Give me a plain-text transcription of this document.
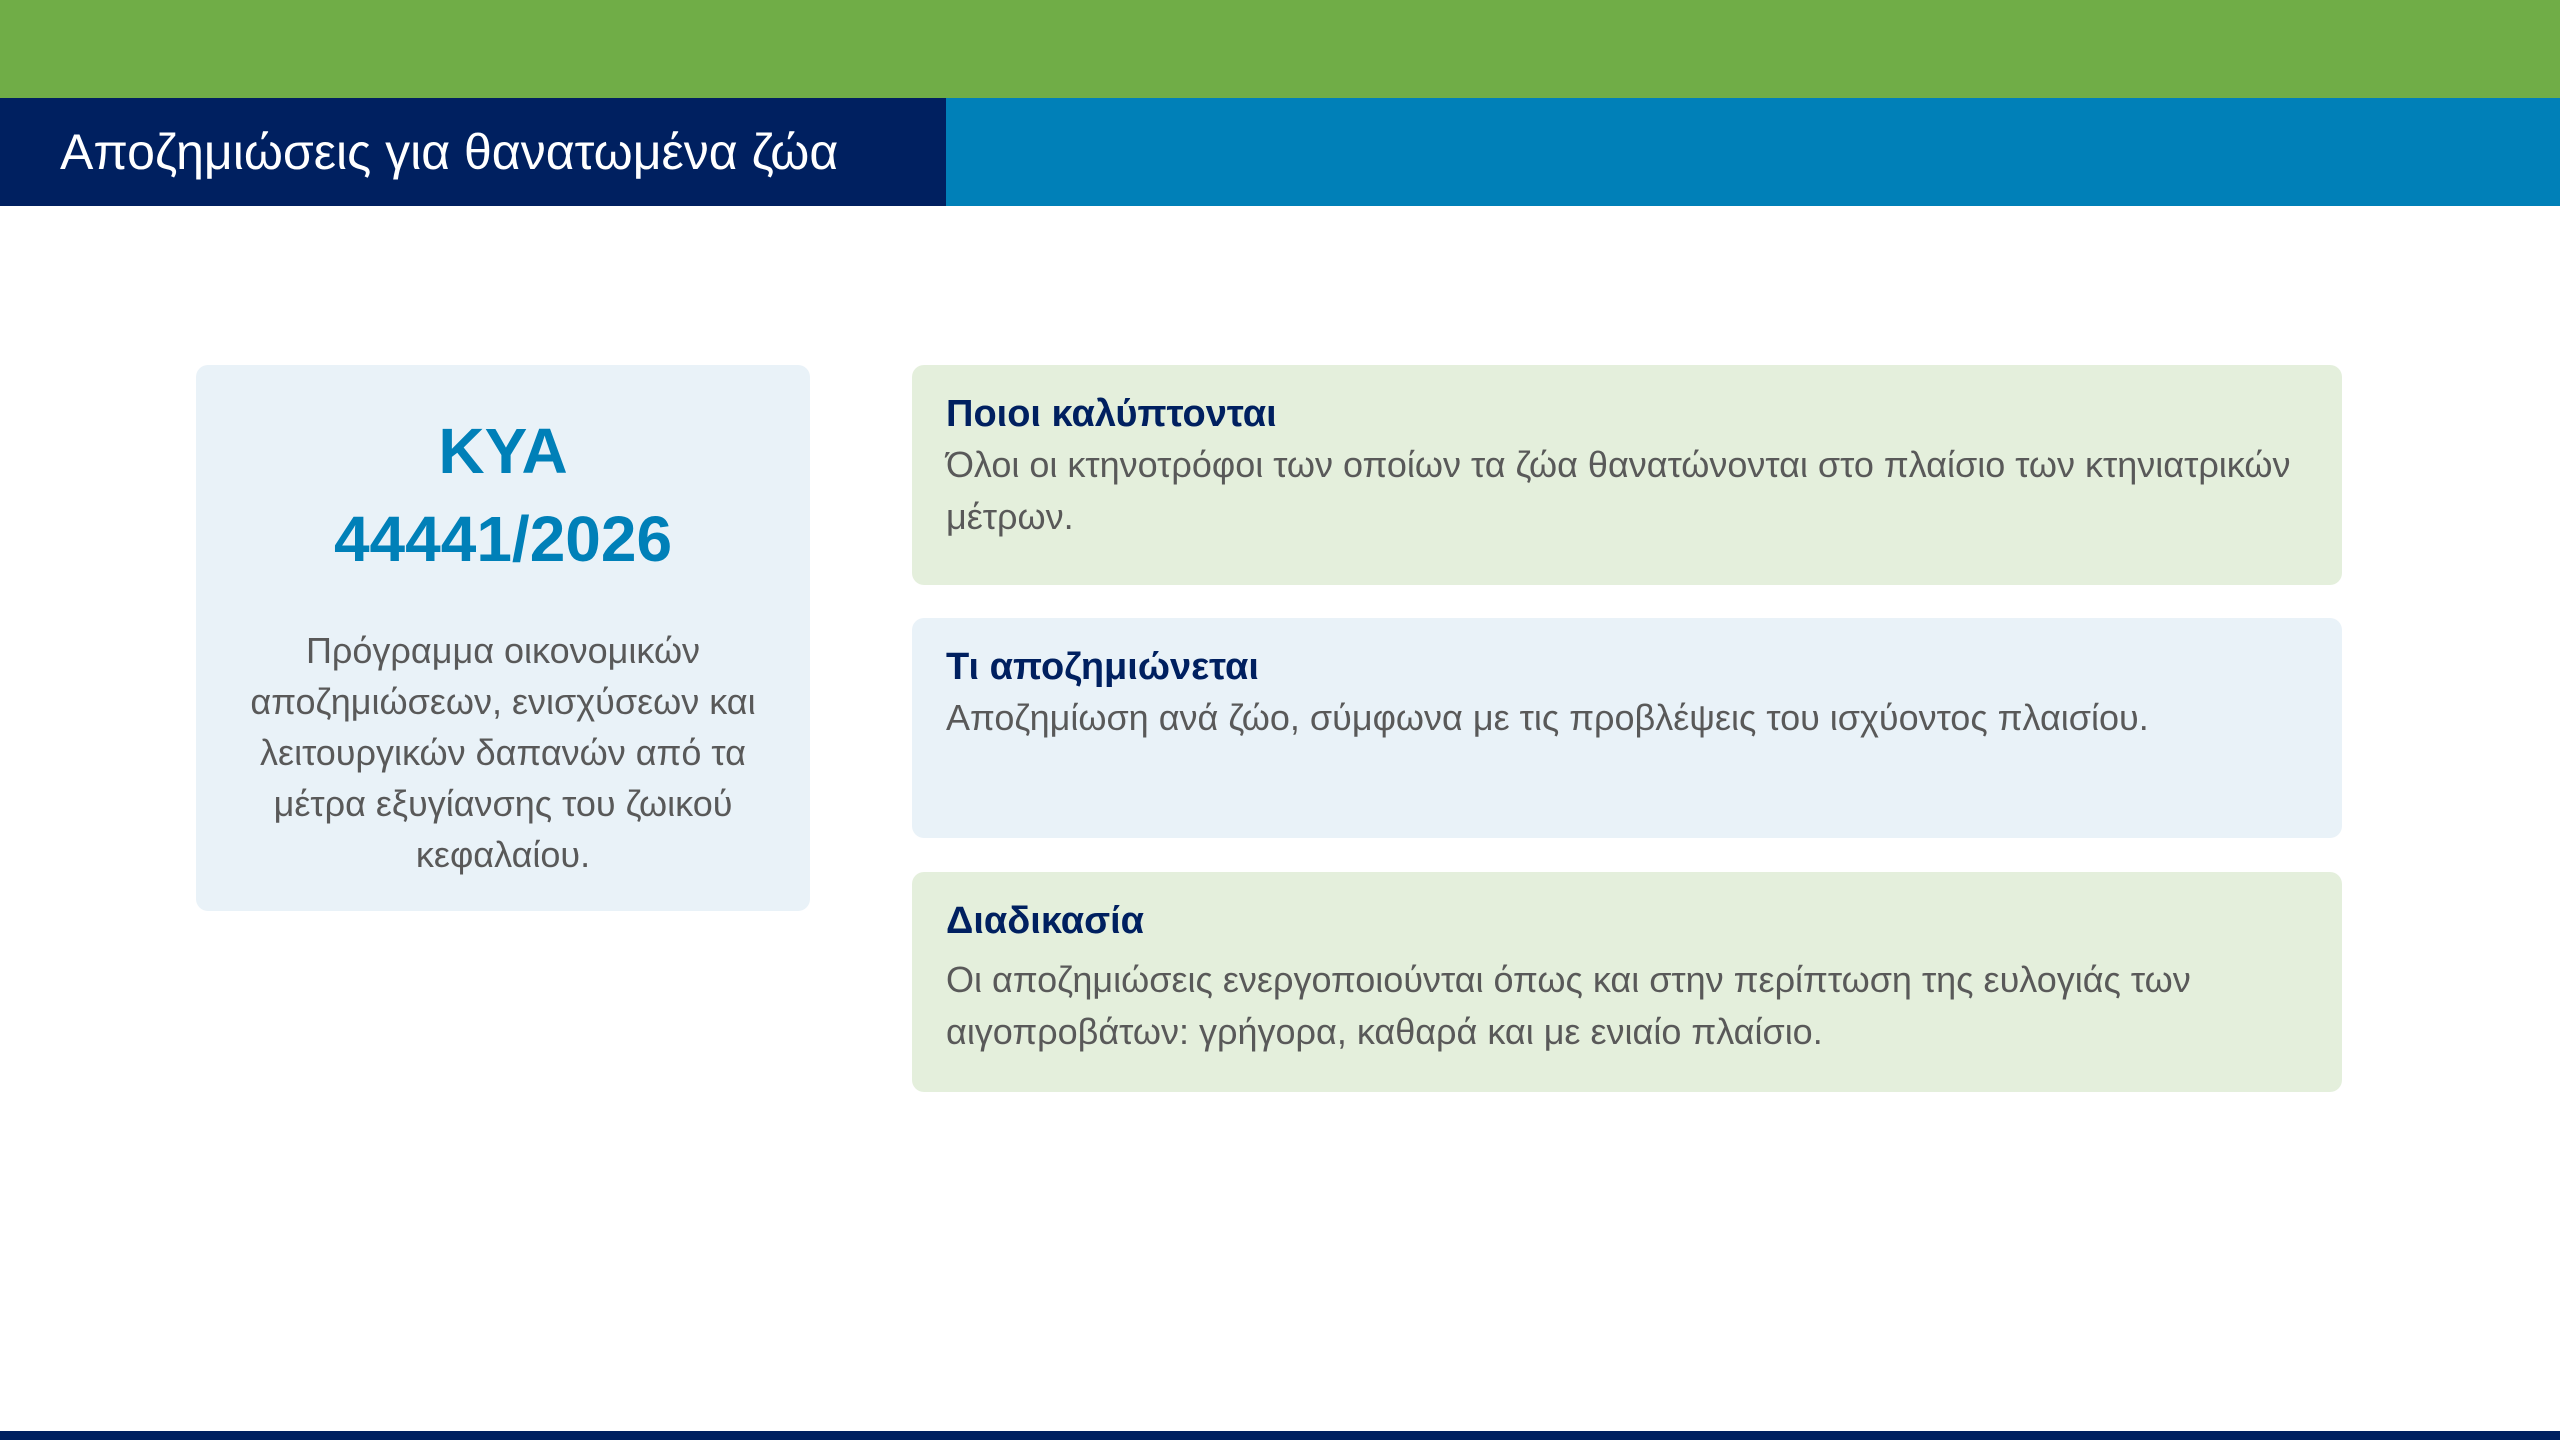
Αποζημιώσεις για θανατωμένα ζώα
ΚΥΑ
44441/2026
Πρόγραμμα οικονομικών αποζημιώσεων, ενισχύσεων και λειτουργικών δαπανών από τα μέτρα εξυγίανσης του ζωικού κεφαλαίου.
Ποιοι καλύπτονται
Όλοι οι κτηνοτρόφοι των οποίων τα ζώα θανατώνονται στο πλαίσιο των κτηνιατρικών μέτρων.
Τι αποζημιώνεται
Αποζημίωση ανά ζώο, σύμφωνα με τις προβλέψεις του ισχύοντος πλαισίου.
Διαδικασία
Οι αποζημιώσεις ενεργοποιούνται όπως και στην περίπτωση της ευλογιάς των αιγοπροβάτων: γρήγορα, καθαρά και με ενιαίο πλαίσιο.
